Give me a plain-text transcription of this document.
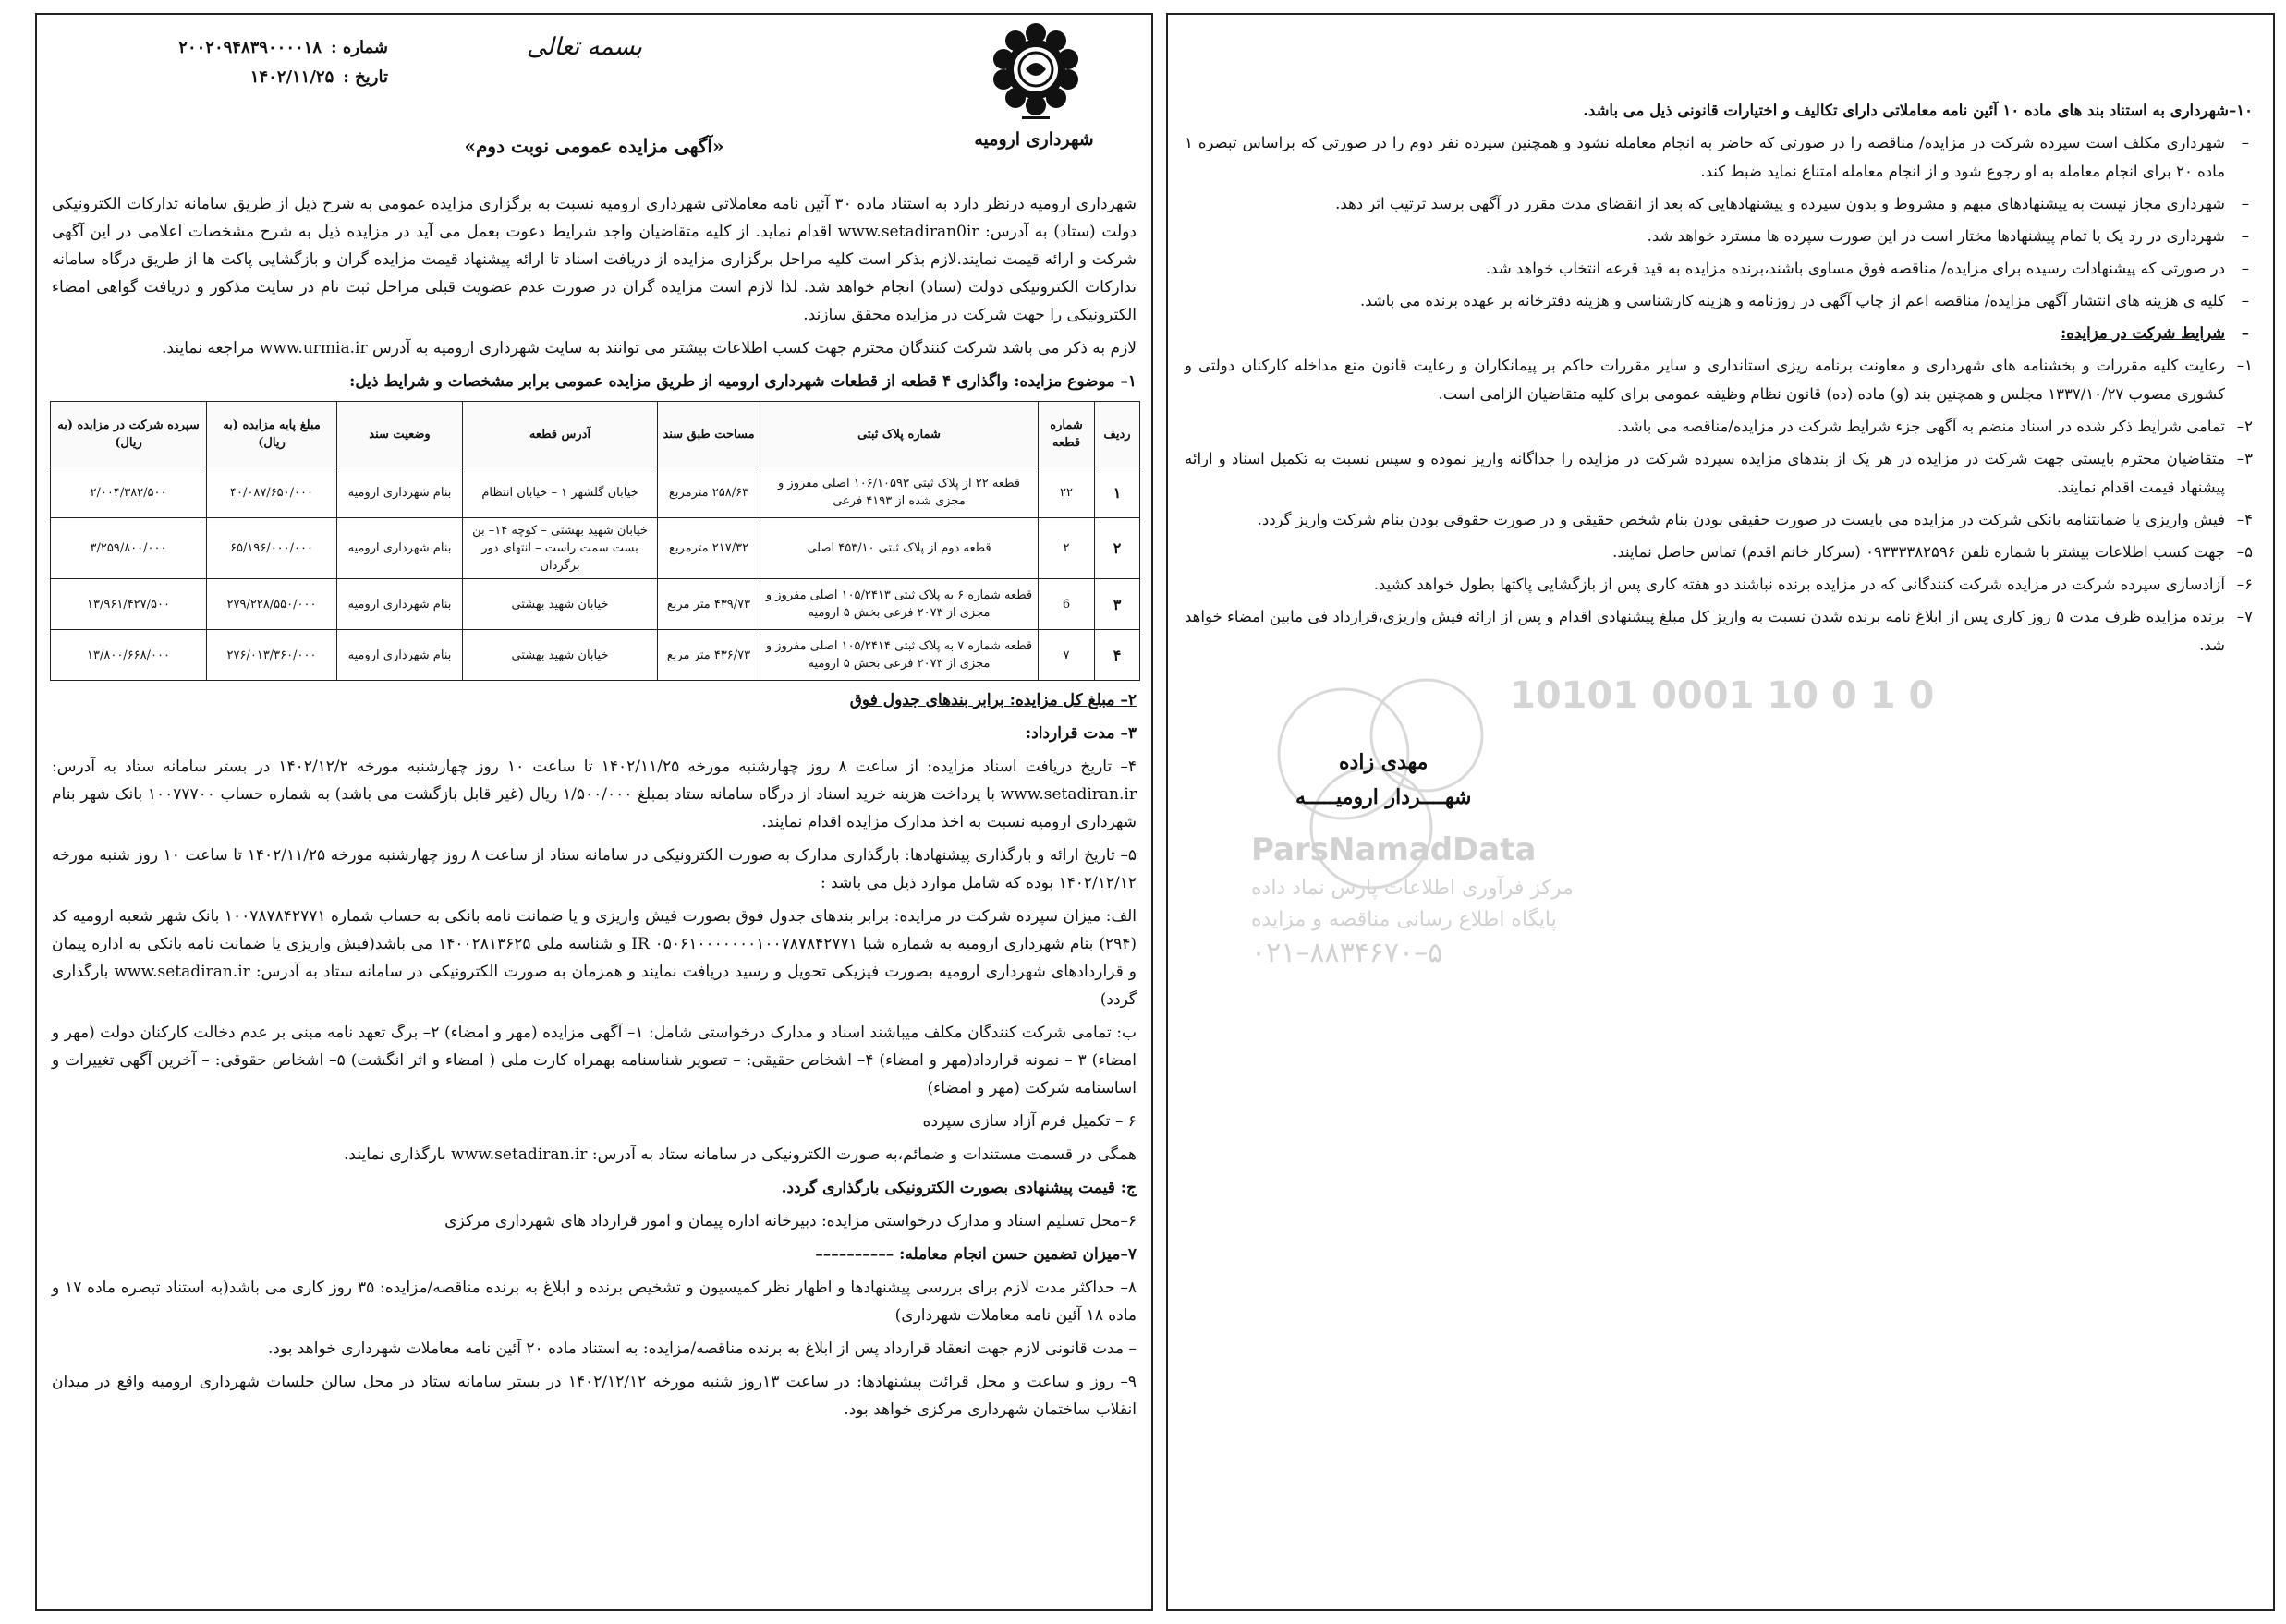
شهرداری ارومیه
بسمه تعالی
شماره :۲۰۰۲۰۹۴۸۳۹۰۰۰۰۱۸
تاریخ :۱۴۰۲/۱۱/۲۵
«آگهی مزایده عمومی نوبت دوم»

شهرداری ارومیه درنظر دارد به استناد ماده ۳۰ آئین نامه معاملاتی شهرداری ارومیه نسبت به برگزاری مزایده عمومی به شرح ذیل از طریق سامانه تدارکات الکترونیکی دولت (ستاد) به آدرس: www.setadiran0ir اقدام نماید. از کلیه متقاضیان واجد شرایط دعوت بعمل می آید در مزایده ذیل به شرح مشخصات اعلامی در این آگهی شرکت و ارائه قیمت نمایند.لازم بذکر است کلیه مراحل برگزاری مزایده از دریافت اسناد تا ارائه پیشنهاد قیمت مزایده گران و بازگشایی پاکت ها از طریق درگاه سامانه تدارکات الکترونیکی دولت (ستاد) انجام خواهد شد. لذا لازم است مزایده گران در صورت عدم عضویت قبلی مراحل ثبت نام در سایت مذکور و دریافت گواهی امضاء الکترونیکی را جهت شرکت در مزایده محقق سازند.

لازم به ذکر می باشد شرکت کنندگان محترم جهت کسب اطلاعات بیشتر می توانند به سایت شهرداری ارومیه به آدرس www.urmia.ir مراجعه نمایند.

۱– موضوع مزایده: واگذاری ۴ قطعه از قطعات شهرداری ارومیه از طریق مزایده عمومی برابر مشخصات و شرایط ذیل:

ردیف	شماره قطعه	شماره پلاک ثبتی	مساحت طبق سند	آدرس قطعه	وضعیت سند	مبلغ پایه مزایده (به ریال)	سپرده شرکت در مزایده (به ریال)
۱	۲۲	قطعه ۲۲ از پلاک ثبتی ۱۰۶/۱۰۵۹۳ اصلی مفروز و مجزی شده از ۴۱۹۳ فرعی	۲۵۸/۶۳ مترمربع	خیابان گلشهر ۱ – خیابان انتظام	بنام شهرداری ارومیه	۴۰/۰۸۷/۶۵۰/۰۰۰	۲/۰۰۴/۳۸۲/۵۰۰
۲	۲	قطعه دوم از پلاک ثبتی ۴۵۳/۱۰ اصلی	۲۱۷/۳۲ مترمربع	خیابان شهید بهشتی – کوچه ۱۴– بن بست سمت راست – انتهای دور برگردان	بنام شهرداری ارومیه	۶۵/۱۹۶/۰۰۰/۰۰۰	۳/۲۵۹/۸۰۰/۰۰۰
۳	6	قطعه شماره ۶ به پلاک ثبتی ۱۰۵/۲۴۱۳ اصلی مفروز و مجزی از ۲۰۷۳ فرعی بخش ۵ ارومیه	۴۳۹/۷۳ متر مربع	خیابان شهید بهشتی	بنام شهرداری ارومیه	۲۷۹/۲۲۸/۵۵۰/۰۰۰	۱۳/۹۶۱/۴۲۷/۵۰۰
۴	۷	قطعه شماره ۷ به پلاک ثبتی ۱۰۵/۲۴۱۴ اصلی مفروز و مجزی از ۲۰۷۳ فرعی بخش ۵ ارومیه	۴۳۶/۷۳ متر مربع	خیابان شهید بهشتی	بنام شهرداری ارومیه	۲۷۶/۰۱۳/۳۶۰/۰۰۰	۱۳/۸۰۰/۶۶۸/۰۰۰

۲– مبلغ کل مزایده: برابر بندهای جدول فوق

۳– مدت قرارداد:

۴– تاریخ دریافت اسناد مزایده: از ساعت ۸ روز چهارشنبه مورخه ۱۴۰۲/۱۱/۲۵ تا ساعت ۱۰ روز چهارشنبه مورخه ۱۴۰۲/۱۲/۲ در بستر سامانه ستاد به آدرس: www.setadiran.ir با پرداخت هزینه خرید اسناد از درگاه سامانه ستاد بمبلغ ۱/۵۰۰/۰۰۰ ریال (غیر قابل بازگشت می باشد) به شماره حساب ۱۰۰۷۷۷۰۰ بانک شهر بنام شهرداری ارومیه نسبت به اخذ مدارک مزایده اقدام نمایند.

۵– تاریخ ارائه و بارگذاری پیشنهادها: بارگذاری مدارک به صورت الکترونیکی در سامانه ستاد از ساعت ۸ روز چهارشنبه مورخه ۱۴۰۲/۱۱/۲۵ تا ساعت ۱۰ روز شنبه مورخه ۱۴۰۲/۱۲/۱۲ بوده که شامل موارد ذیل می باشد :

الف: میزان سپرده شرکت در مزایده: برابر بندهای جدول فوق بصورت فیش واریزی و یا ضمانت نامه بانکی به حساب شماره ۱۰۰۷۸۷۸۴۲۷۷۱ بانک شهر شعبه ارومیه کد (۲۹۴) بنام شهرداری ارومیه به شماره شبا IR ۰۵۰۶۱۰۰۰۰۰۰۰۱۰۰۷۸۷۸۴۲۷۷۱ و شناسه ملی ۱۴۰۰۲۸۱۳۶۲۵ می باشد(فیش واریزی یا ضمانت نامه بانکی به اداره پیمان و قراردادهای شهرداری ارومیه بصورت فیزیکی تحویل و رسید دریافت نمایند و همزمان به صورت الکترونیکی در سامانه ستاد به آدرس: www.setadiran.ir بارگذاری گردد)

ب: تمامی شرکت کنندگان مکلف میباشند اسناد و مدارک درخواستی شامل: ۱– آگهی مزایده (مهر و امضاء) ۲– برگ تعهد نامه مبنی بر عدم دخالت کارکنان دولت (مهر و امضاء) ۳ – نمونه قرارداد(مهر و امضاء) ۴– اشخاص حقیقی: – تصویر شناسنامه بهمراه کارت ملی ( امضاء و اثر انگشت) ۵– اشخاص حقوقی: – آخرین آگهی تغییرات و اساسنامه شرکت (مهر و امضاء)

۶ – تکمیل فرم آزاد سازی سپرده

همگی در قسمت مستندات و ضمائم،به صورت الکترونیکی در سامانه ستاد به آدرس: www.setadiran.ir بارگذاری نمایند.

ج: قیمت پیشنهادی بصورت الکترونیکی بارگذاری گردد.

۶–محل تسلیم اسناد و مدارک درخواستی مزایده: دبیرخانه اداره پیمان و امور قرارداد های شهرداری مرکزی

۷–میزان تضمین حسن انجام معامله: ––––––––––

۸– حداکثر مدت لازم برای بررسی پیشنهادها و اظهار نظر کمیسیون و تشخیص برنده و ابلاغ به برنده مناقصه/مزایده: ۳۵ روز کاری می باشد(به استناد تبصره ماده ۱۷ و ماده ۱۸ آئین نامه معاملات شهرداری)

– مدت قانونی لازم جهت انعقاد قرارداد پس از ابلاغ به برنده مناقصه/مزایده: به استناد ماده ۲۰ آئین نامه معاملات شهرداری خواهد بود.

۹– روز و ساعت و محل قرائت پیشنهادها: در ساعت ۱۳روز شنبه مورخه ۱۴۰۲/۱۲/۱۲ در بستر سامانه ستاد در محل سالن جلسات شهرداری ارومیه واقع در میدان انقلاب ساختمان شهرداری مرکزی خواهد بود.

۱۰–شهرداری به استناد بند های ماده ۱۰ آئین نامه معاملاتی دارای تکالیف و اختیارات قانونی ذیل می باشد.

– شهرداری مکلف است سپرده شرکت در مزایده/ مناقصه را در صورتی که حاضر به انجام معامله نشود و همچنین سپرده نفر دوم را در صورتی که براساس تبصره ۱ ماده ۲۰ برای انجام معامله به او رجوع شود و از انجام معامله امتناع نماید ضبط کند.

– شهرداری مجاز نیست به پیشنهادهای مبهم و مشروط و بدون سپرده و پیشنهادهایی که بعد از انقضای مدت مقرر در آگهی برسد ترتیب اثر دهد.

– شهرداری در رد یک یا تمام پیشنهادها مختار است در این صورت سپرده ها مسترد خواهد شد.

– در صورتی که پیشنهادات رسیده برای مزایده/ مناقصه فوق مساوی باشند،برنده مزایده به قید قرعه انتخاب خواهد شد.

– کلیه ی هزینه های انتشار آگهی مزایده/ مناقصه اعم از چاپ آگهی در روزنامه و هزینه کارشناسی و هزینه دفترخانه بر عهده برنده می باشد.

– شرایط شرکت در مزایده:

۱–
رعایت کلیه مقررات و بخشنامه های شهرداری و معاونت برنامه ریزی استانداری و سایر مقررات حاکم بر پیمانکاران و رعایت قانون منع مداخله کارکنان دولتی و کشوری مصوب ۱۳۳۷/۱۰/۲۷ مجلس و همچنین بند (و) ماده (ده) قانون نظام وظیفه عمومی برای کلیه متقاضیان الزامی است.

۲–
تمامی شرایط ذکر شده در اسناد منضم به آگهی جزء شرایط شرکت در مزایده/مناقصه می باشد.

۳–
متقاضیان محترم بایستی جهت شرکت در مزایده در هر یک از بندهای مزایده سپرده شرکت در مزایده را جداگانه واریز نموده و سپس نسبت به تکمیل اسناد و ارائه پیشنهاد قیمت اقدام نمایند.

۴–
فیش واریزی یا ضمانتنامه بانکی شرکت در مزایده می بایست در صورت حقیقی بودن بنام شخص حقیقی و در صورت حقوقی بودن بنام شرکت واریز گردد.

۵–
جهت کسب اطلاعات بیشتر با شماره تلفن ۰۹۳۳۳۳۸۲۵۹۶ (سرکار خانم اقدم) تماس حاصل نمایند.

۶–
آزادسازی سپرده شرکت در مزایده شرکت کنندگانی که در مزایده برنده نباشند دو هفته کاری پس از بازگشایی پاکتها بطول خواهد کشید.

۷–
برنده مزایده ظرف مدت ۵ روز کاری پس از ابلاغ نامه برنده شدن نسبت به واریز کل مبلغ پیشنهادی اقدام و پس از ارائه فیش واریزی،قرارداد فی مابین امضاء خواهد شد.

10101 0001 10 0 1 0
ParsNamadData
مرکز فرآوری اطلاعات پارس نماد داده
پایگاه اطلاع رسانی مناقصه و مزایده
۰۲۱–۸۸۳۴۶۷۰–۵
مهدی زاده
شهــــردار ارومیـــــه
